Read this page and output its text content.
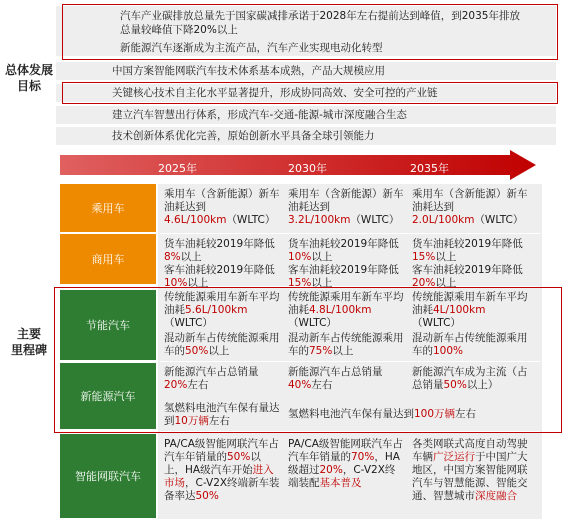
总体发展
目标
主要
里程碑
汽车产业碳排放总量先于国家碳减排承诺于2028年左右提前达到峰值，到2035年排放总量较峰值下降20%以上
新能源汽车逐渐成为主流产品，汽车产业实现电动化转型
中国方案智能网联汽车技术体系基本成熟，产品大规模应用
关键核心技术自主化水平显著提升，形成协同高效、安全可控的产业链
建立汽车智慧出行体系，形成汽车-交通-能源-城市深度融合生态
技术创新体系优化完善，原始创新水平具备全球引领能力
2025年	2030年	2035年
乘用车
商用车
节能汽车
新能源汽车
智能网联汽车
乘用车（含新能源）新车油耗达到
4.6L/100km（WLTC）
乘用车（含新能源）新车油耗达到
3.2L/100km（WLTC）
乘用车（含新能源）新车油耗达到
2.0L/100km（WLTC）
货车油耗较2019年降低8%以上
客车油耗较2019年降低10%以上
货车油耗较2019年降低10%以上
客车油耗较2019年降低15%以上
货车油耗较2019年降低15%以上
客车油耗较2019年降低20%以上
传统能源乘用车新车平均油耗5.6L/100km（WLTC）
混动新车占传统能源乘用车的50%以上
传统能源乘用车新车平均油耗4.8L/100km（WLTC）
混动新车占传统能源乘用车的75%以上
传统能源乘用车新车平均油耗4L/100km（WLTC）
混动新车占传统能源乘用车的100%
新能源汽车占总销量20%左右
新能源汽车占总销量40%左右
新能源汽车成为主流（占总销量50%以上）
氢燃料电池汽车保有量达到10万辆左右
氢燃料电池汽车保有量达到100万辆左右
PA/CA级智能网联汽车占汽车年销量的50%以上，HA级汽车开始进入市场，C-V2X终端新车装备率达50%
PA/CA级智能网联汽车占汽车年销量的70%，HA级超过20%，C-V2X终端装配基本普及
各类网联式高度自动驾驶车辆广泛运行于中国广大地区，中国方案智能网联汽车与智慧能源、智能交通、智慧城市深度融合
